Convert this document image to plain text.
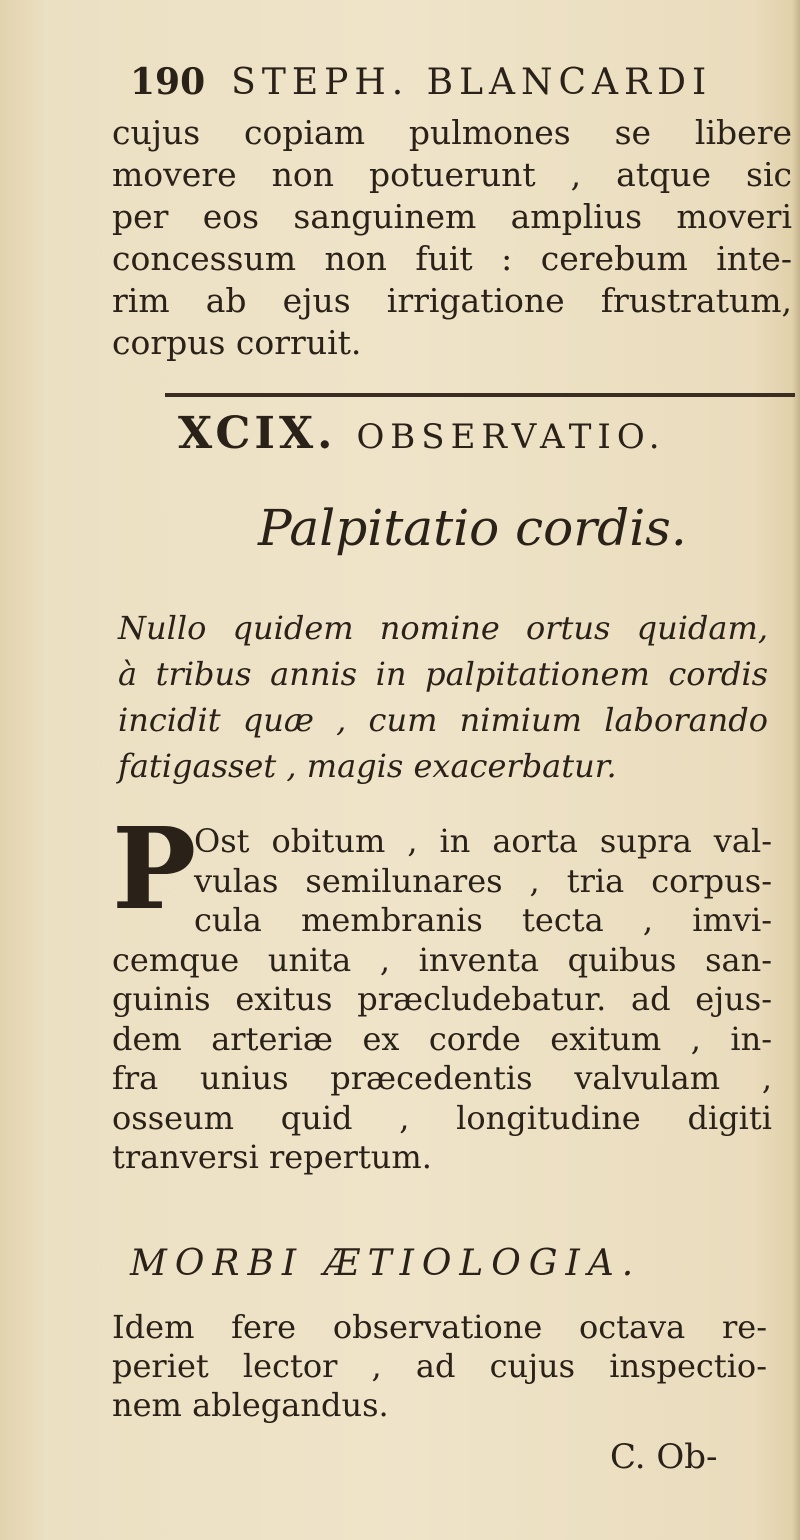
190 STEPH. BLANCARDI
cujus copiam pulmones se libere
movere non potuerunt , atque sic
per eos sanguinem amplius moveri
concessum non fuit : cerebum inte-
rim ab ejus irrigatione frustratum,
corpus corruit.
XCIX. OBSERVATIO.
Palpitatio cordis.
Nullo quidem nomine ortus quidam,
à tribus annis in palpitationem cordis
incidit quæ , cum nimium laborando
fatigasset , magis exacerbatur.
P
Ost obitum , in aorta supra val-
vulas semilunares , tria corpus-
cula membranis tecta , imvi-
cemque unita , inventa quibus san-
guinis exitus præcludebatur. ad ejus-
dem arteriæ ex corde exitum , in-
fra unius præcedentis valvulam ,
osseum quid , longitudine digiti
tranversi repertum.
MORBI ÆTIOLOGIA.
Idem fere observatione octava re-
periet lector , ad cujus inspectio-
nem ablegandus.
C. Ob-
